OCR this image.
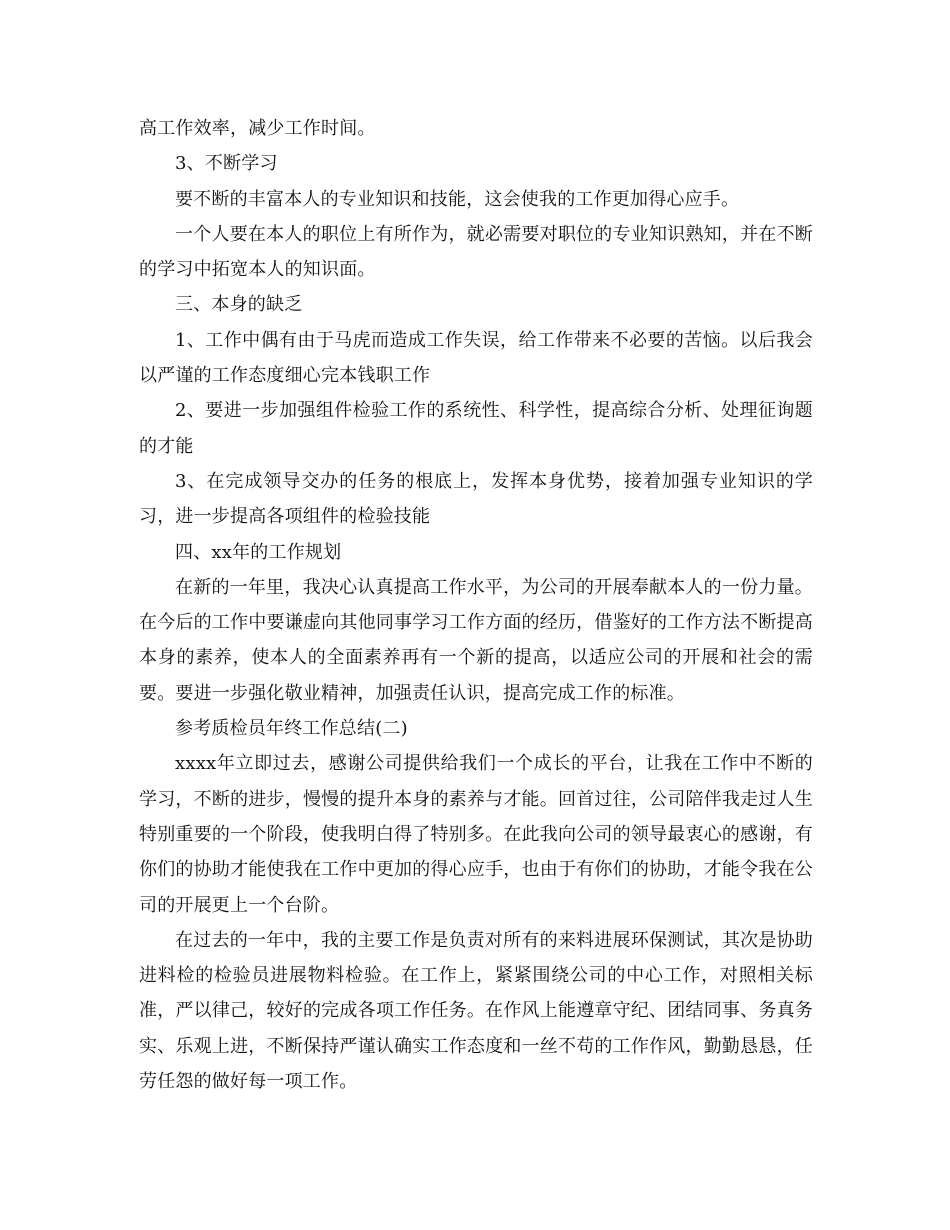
高工作效率，减少工作时间。

3、不断学习

要不断的丰富本人的专业知识和技能，这会使我的工作更加得心应手。

一个人要在本人的职位上有所作为，就必需要对职位的专业知识熟知，并在不断的学习中拓宽本人的知识面。

三、本身的缺乏

1、工作中偶有由于马虎而造成工作失误，给工作带来不必要的苦恼。以后我会以严谨的工作态度细心完本钱职工作

2、要进一步加强组件检验工作的系统性、科学性，提高综合分析、处理征询题的才能

3、在完成领导交办的任务的根底上，发挥本身优势，接着加强专业知识的学习，进一步提高各项组件的检验技能

四、xx年的工作规划

在新的一年里，我决心认真提高工作水平，为公司的开展奉献本人的一份力量。在今后的工作中要谦虚向其他同事学习工作方面的经历，借鉴好的工作方法不断提高本身的素养，使本人的全面素养再有一个新的提高，以适应公司的开展和社会的需要。要进一步强化敬业精神，加强责任认识，提高完成工作的标准。

参考质检员年终工作总结(二)

xxxx年立即过去，感谢公司提供给我们一个成长的平台，让我在工作中不断的学习，不断的进步，慢慢的提升本身的素养与才能。回首过往，公司陪伴我走过人生特别重要的一个阶段，使我明白得了特别多。在此我向公司的领导最衷心的感谢，有你们的协助才能使我在工作中更加的得心应手，也由于有你们的协助，才能令我在公司的开展更上一个台阶。

在过去的一年中，我的主要工作是负责对所有的来料进展环保测试，其次是协助进料检的检验员进展物料检验。在工作上，紧紧围绕公司的中心工作，对照相关标准，严以律己，较好的完成各项工作任务。在作风上能遵章守纪、团结同事、务真务实、乐观上进，不断保持严谨认确实工作态度和一丝不苟的工作作风，勤勤恳恳，任劳任怨的做好每一项工作。
